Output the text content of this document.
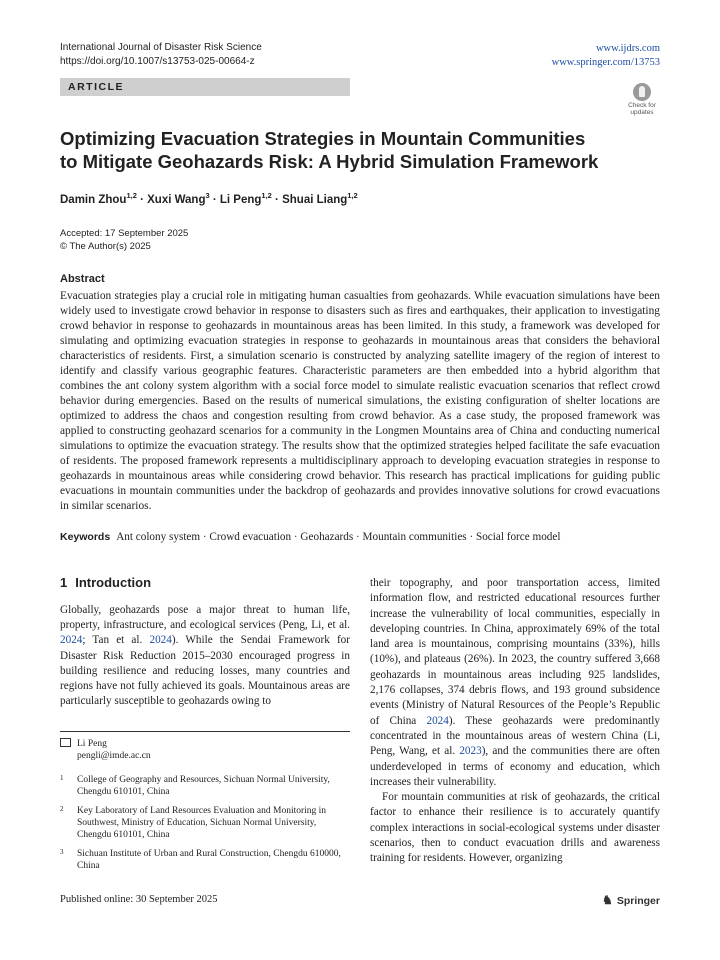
International Journal of Disaster Risk Science
https://doi.org/10.1007/s13753-025-00664-z
www.ijdrs.com
www.springer.com/13753
ARTICLE
Check for
updates
Optimizing Evacuation Strategies in Mountain Communities
to Mitigate Geohazards Risk: A Hybrid Simulation Framework
Damin Zhou$^{1,2}$ · Xuxi Wang$^3$ · Li Peng$^{1,2}$ · Shuai Liang$^{1,2}$
Accepted: 17 September 2025
© The Author(s) 2025
Abstract
Evacuation strategies play a crucial role in mitigating human casualties from geohazards. While evacuation simulations have been widely used to investigate crowd behavior in response to disasters such as fires and earthquakes, their application to investigating crowd behavior in response to geohazards in mountainous areas has been limited. In this study, a framework was developed for simulating and optimizing evacuation strategies in response to geohazards in mountainous areas that considers the behavioral characteristics of residents. First, a simulation scenario is constructed by analyzing satellite imagery of the region of interest to identify and classify various geographic features. Characteristic parameters are then embedded into a hybrid algorithm that combines the ant colony system algorithm with a social force model to simulate realistic evacuation scenarios that reflect crowd behavior during emergencies. Based on the results of numerical simulations, the existing configuration of shelter locations are optimized to address the chaos and congestion resulting from crowd behavior. As a case study, the proposed framework was applied to constructing geohazard scenarios for a community in the Longmen Mountains area of China and conducting numerical simulations to optimize the evacuation strategy. The results show that the optimized strategies helped facilitate the safe evacuation of residents. The proposed framework represents a multidisciplinary approach to developing evacuation strategies in response to geohazards in mountainous areas while considering crowd behavior. This research has practical implications for guiding public evacuations in mountain communities under the backdrop of geohazards and provides innovative solutions for crowd evacuations in similar scenarios.
Keywords Ant colony system · Crowd evacuation · Geohazards · Mountain communities · Social force model
1 Introduction

Globally, geohazards pose a major threat to human life, property, infrastructure, and ecological services (Peng, Li, et al. 2024; Tan et al. 2024). While the Sendai Framework for Disaster Risk Reduction 2015–2030 encouraged progress in building resilience and reducing losses, many countries and regions have not fully achieved its goals. Mountainous areas are particularly susceptible to geohazards owing to

their topography, and poor transportation access, limited information flow, and restricted educational resources further increase the vulnerability of local communities, especially in developing countries. In China, approximately 69% of the total land area is mountainous, comprising mountains (33%), hills (10%), and plateaus (26%). In 2023, the country suffered 3,668 geohazards in mountainous areas including 925 landslides, 2,176 collapses, 374 debris flows, and 193 ground subsidence events (Ministry of Natural Resources of the People’s Republic of China 2024). These geohazards were predominantly concentrated in the mountainous areas of western China (Li, Peng, Wang, et al. 2023), and the communities there are often underdeveloped in terms of economy and education, which increases their vulnerability.

For mountain communities at risk of geohazards, the critical factor to enhance their resilience is to accurately quantify complex interactions in social-ecological systems under disaster scenarios, then to conduct evacuation drills and awareness training for residents. However, organizing

Li Peng
pengli@imde.ac.cn
1 College of Geography and Resources, Sichuan Normal University, Chengdu 610101, China
2 Key Laboratory of Land Resources Evaluation and Monitoring in Southwest, Ministry of Education, Sichuan Normal University, Chengdu 610101, China
3 Sichuan Institute of Urban and Rural Construction, Chengdu 610000, China
Published online: 30 September 2025	♞ Springer
